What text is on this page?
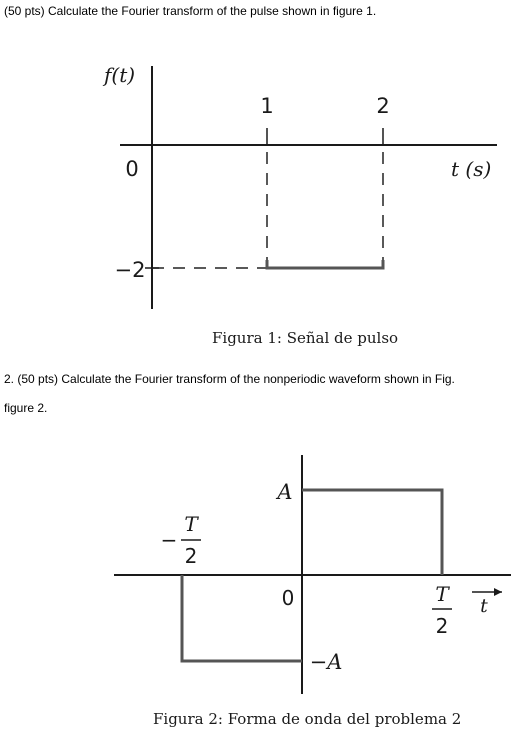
(50 pts) Calculate the Fourier transform of the pulse shown in figure 1.
f(t)
1	2
0
−2
t (s)
Figura 1: Señal de pulso
2. (50 pts) Calculate the Fourier transform of the nonperiodic waveform shown in Fig.
figure 2.
A
−A
0
−
T
2
T
2
t
Figura 2: Forma de onda del problema 2
